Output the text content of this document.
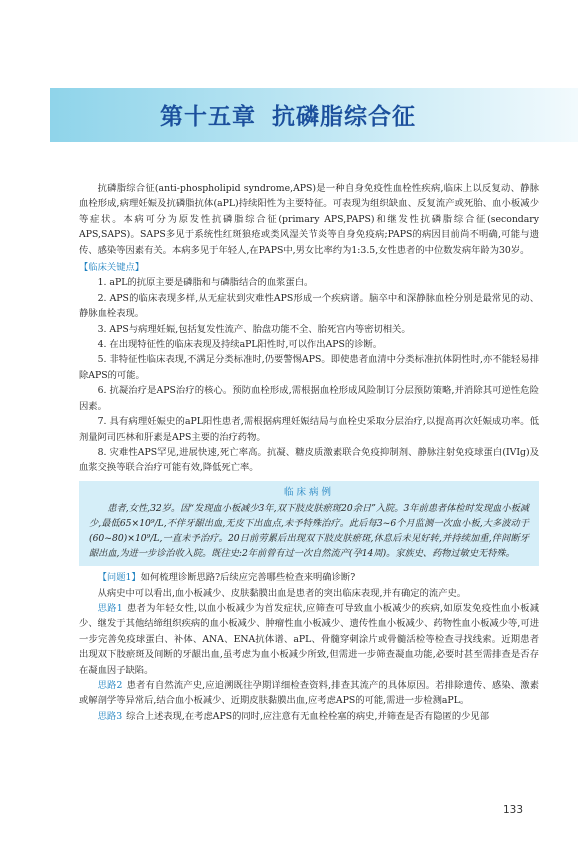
第十五章 抗磷脂综合征

抗磷脂综合征(anti-phospholipid syndrome,APS)是一种自身免疫性血栓性疾病,临床上以反复动、静脉血栓形成,病理妊娠及抗磷脂抗体(aPL)持续阳性为主要特征。可表现为组织缺血、反复流产或死胎、血小板减少等症状。本病可分为原发性抗磷脂综合征(primary APS,PAPS)和继发性抗磷脂综合征(secondary APS,SAPS)。SAPS多见于系统性红斑狼疮或类风湿关节炎等自身免疫病;PAPS的病因目前尚不明确,可能与遗传、感染等因素有关。本病多见于年轻人,在PAPS中,男女比率约为1:3.5,女性患者的中位数发病年龄为30岁。

【临床关键点】

1. aPL的抗原主要是磷脂和与磷脂结合的血浆蛋白。

2. APS的临床表现多样,从无症状到灾难性APS形成一个疾病谱。脑卒中和深静脉血栓分别是最常见的动、静脉血栓表现。

3. APS与病理妊娠,包括复发性流产、胎盘功能不全、胎死宫内等密切相关。

4. 在出现特征性的临床表现及持续aPL阳性时,可以作出APS的诊断。

5. 非特征性临床表现,不满足分类标准时,仍要警惕APS。即使患者血清中分类标准抗体阴性时,亦不能轻易排除APS的可能。

6. 抗凝治疗是APS治疗的核心。预防血栓形成,需根据血栓形成风险制订分层预防策略,并消除其可逆性危险因素。

7. 具有病理妊娠史的aPL阳性患者,需根据病理妊娠结局与血栓史采取分层治疗,以提高再次妊娠成功率。低剂量阿司匹林和肝素是APS主要的治疗药物。

8. 灾难性APS罕见,进展快速,死亡率高。抗凝、糖皮质激素联合免疫抑制剂、静脉注射免疫球蛋白(IVIg)及血浆交换等联合治疗可能有效,降低死亡率。

临床病例

患者,女性,32岁。因“发现血小板减少3年,双下肢皮肤瘀斑20余日”入院。3年前患者体检时发现血小板减少,最低65×10⁹/L,不伴牙龈出血,无皮下出血点,未予特殊治疗。此后每3~6个月监测一次血小板,大多波动于(60~80)×10⁹/L,一直未予治疗。20日前劳累后出现双下肢皮肤瘀斑,休息后未见好转,并持续加重,伴间断牙龈出血,为进一步诊治收入院。既往史:2年前曾有过一次自然流产(孕14周)。家族史、药物过敏史无特殊。

【问题1】如何梳理诊断思路?后续应完善哪些检查来明确诊断?

从病史中可以看出,血小板减少、皮肤黏膜出血是患者的突出临床表现,并有确定的流产史。

思路1 患者为年轻女性,以血小板减少为首发症状,应筛查可导致血小板减少的疾病,如原发免疫性血小板减少、继发于其他结缔组织疾病的血小板减少、肿瘤性血小板减少、遗传性血小板减少、药物性血小板减少等,可进一步完善免疫球蛋白、补体、ANA、ENA抗体谱、aPL、骨髓穿刺涂片或骨髓活检等检查寻找线索。近期患者出现双下肢瘀斑及间断的牙龈出血,虽考虑为血小板减少所致,但需进一步筛查凝血功能,必要时甚至需排查是否存在凝血因子缺陷。

思路2 患者有自然流产史,应追溯既往孕期详细检查资料,排查其流产的具体原因。若排除遗传、感染、激素或解剖学等异常后,结合血小板减少、近期皮肤黏膜出血,应考虑APS的可能,需进一步检测aPL。

思路3 综合上述表现,在考虑APS的同时,应注意有无血栓栓塞的病史,并筛查是否有隐匿的少见部

133
